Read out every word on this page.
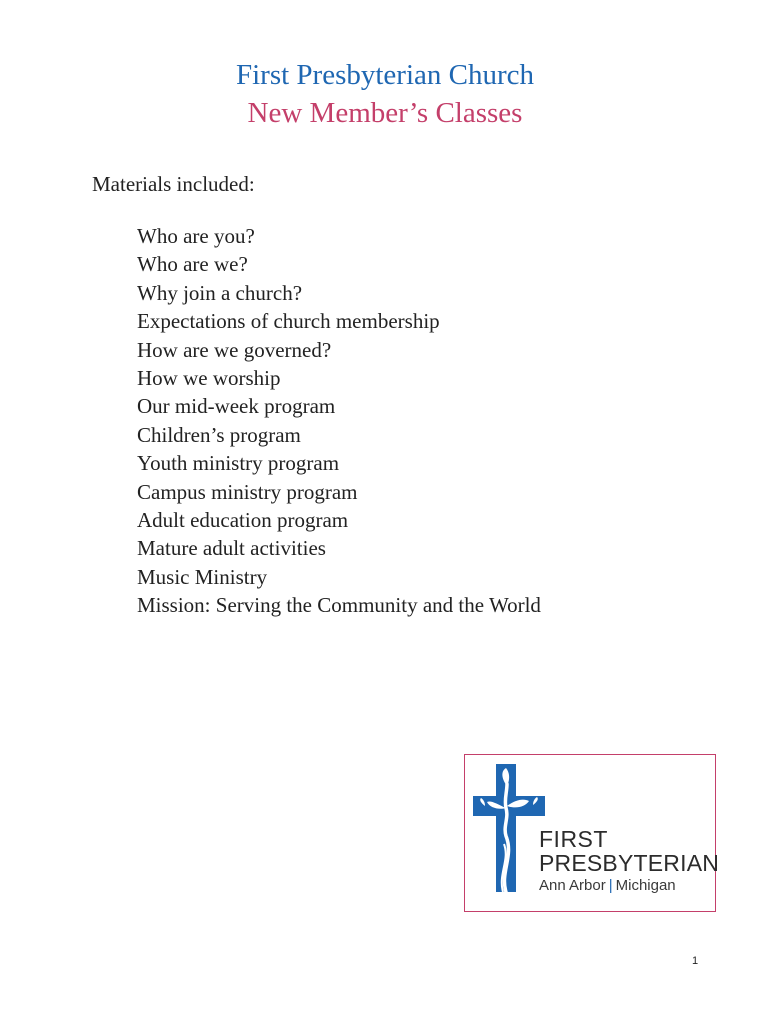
First Presbyterian Church
New Member’s Classes
Materials included:
Who are you?
Who are we?
Why join a church?
Expectations of church membership
How are we governed?
How we worship
Our mid-week program
Children’s program
Youth ministry program
Campus ministry program
Adult education program
Mature adult activities
Music Ministry
Mission: Serving the Community and the World
FIRST
PRESBYTERIAN
Ann Arbor | Michigan
1
